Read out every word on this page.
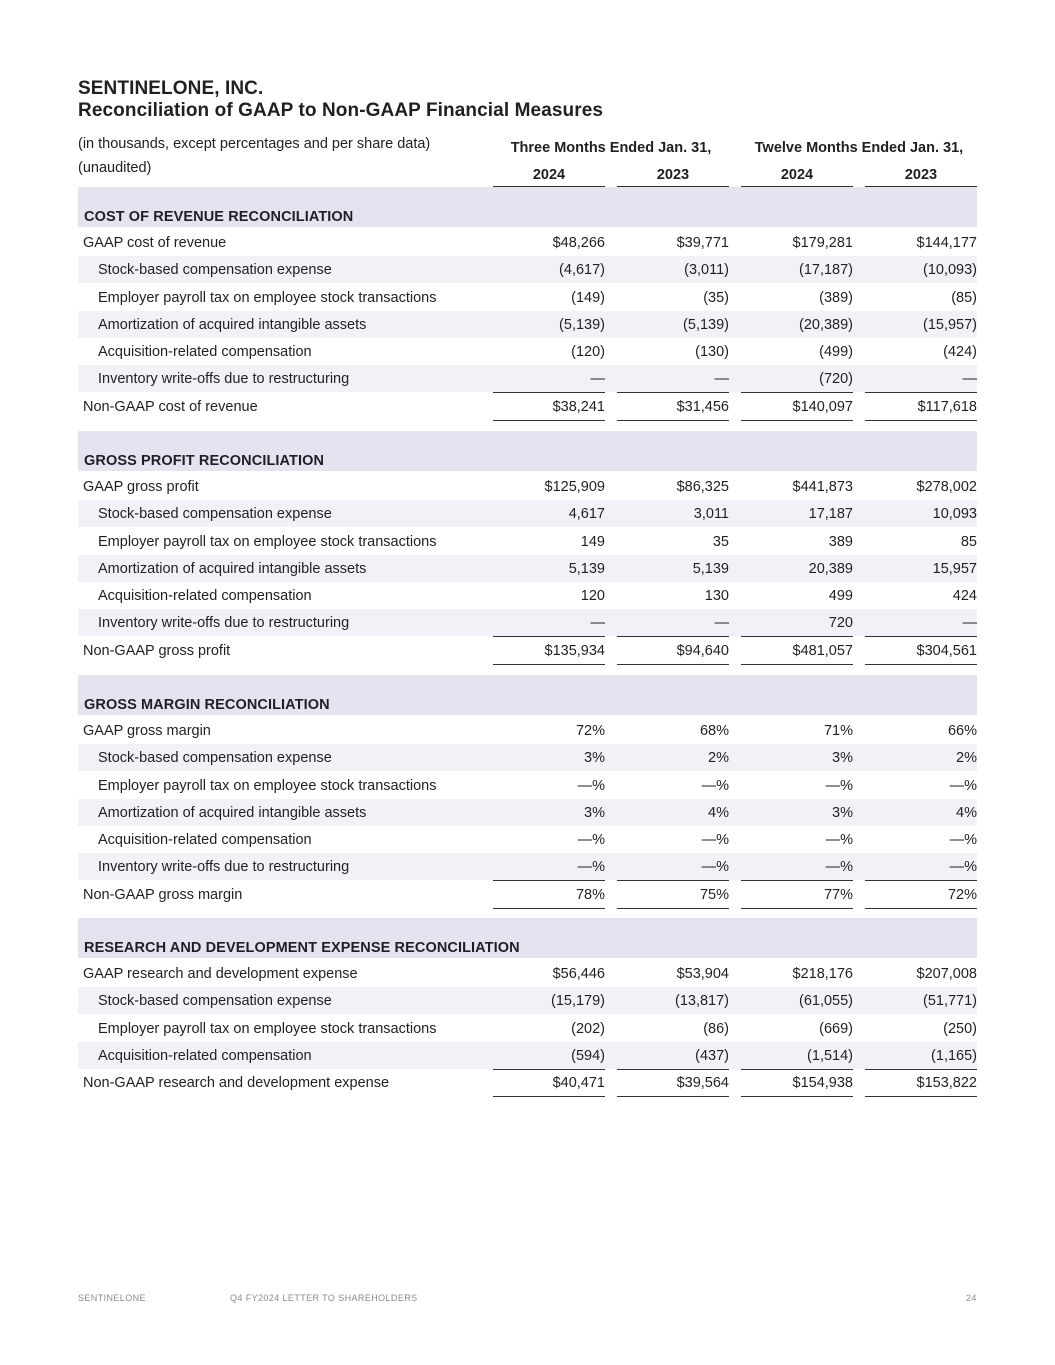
SENTINELONE, INC.
Reconciliation of GAAP to Non-GAAP Financial Measures
(in thousands, except percentages and per share data)
(unaudited)
Three Months Ended Jan. 31,	Twelve Months Ended Jan. 31,
2024	2023	2024	2023
COST OF REVENUE RECONCILIATION
GAAP cost of revenue	$48,266	$39,771	$179,281	$144,177
Stock-based compensation expense	(4,617)	(3,011)	(17,187)	(10,093)
Employer payroll tax on employee stock transactions	(149)	(35)	(389)	(85)
Amortization of acquired intangible assets	(5,139)	(5,139)	(20,389)	(15,957)
Acquisition-related compensation	(120)	(130)	(499)	(424)
Inventory write-offs due to restructuring	—	—	(720)	—
Non-GAAP cost of revenue	$38,241	$31,456	$140,097	$117,618
GROSS PROFIT RECONCILIATION
GAAP gross profit	$125,909	$86,325	$441,873	$278,002
Stock-based compensation expense	4,617	3,011	17,187	10,093
Employer payroll tax on employee stock transactions	149	35	389	85
Amortization of acquired intangible assets	5,139	5,139	20,389	15,957
Acquisition-related compensation	120	130	499	424
Inventory write-offs due to restructuring	—	—	720	—
Non-GAAP gross profit	$135,934	$94,640	$481,057	$304,561
GROSS MARGIN RECONCILIATION
GAAP gross margin	72%	68%	71%	66%
Stock-based compensation expense	3%	2%	3%	2%
Employer payroll tax on employee stock transactions	—%	—%	—%	—%
Amortization of acquired intangible assets	3%	4%	3%	4%
Acquisition-related compensation	—%	—%	—%	—%
Inventory write-offs due to restructuring	—%	—%	—%	—%
Non-GAAP gross margin	78%	75%	77%	72%
RESEARCH AND DEVELOPMENT EXPENSE RECONCILIATION
GAAP research and development expense	$56,446	$53,904	$218,176	$207,008
Stock-based compensation expense	(15,179)	(13,817)	(61,055)	(51,771)
Employer payroll tax on employee stock transactions	(202)	(86)	(669)	(250)
Acquisition-related compensation	(594)	(437)	(1,514)	(1,165)
Non-GAAP research and development expense	$40,471	$39,564	$154,938	$153,822
SENTINELONE	Q4 FY2024 LETTER TO SHAREHOLDERS	24
